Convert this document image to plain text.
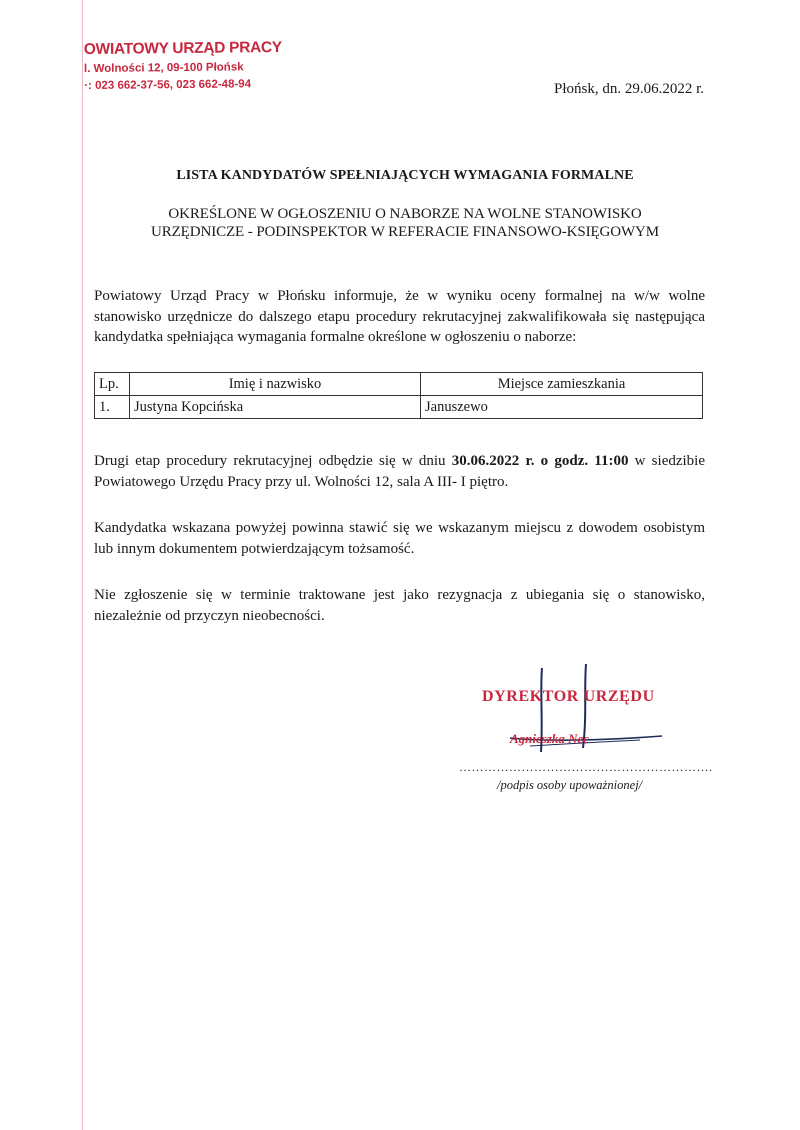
OWIATOWY URZĄD PRACY
l. Wolności 12, 09-100 Płońsk
·: 023 662-37-56, 023 662-48-94	Płońsk, dn. 29.06.2022 r.
LISTA KANDYDATÓW SPEŁNIAJĄCYCH WYMAGANIA FORMALNE
OKREŚLONE W OGŁOSZENIU O NABORZE NA WOLNE STANOWISKO
URZĘDNICZE - PODINSPEKTOR W REFERACIE FINANSOWO-KSIĘGOWYM
Powiatowy Urząd Pracy w Płońsku informuje, że w wyniku oceny formalnej na w/w wolne stanowisko urzędnicze do dalszego etapu procedury rekrutacyjnej zakwalifikowała się następująca kandydatka spełniająca wymagania formalne określone w ogłoszeniu o naborze:
Lp.	Imię i nazwisko	Miejsce zamieszkania
1.	Justyna Kopcińska	Januszewo
Drugi etap procedury rekrutacyjnej odbędzie się w dniu 30.06.2022 r. o godz. 11:00 w siedzibie Powiatowego Urzędu Pracy przy ul. Wolności 12, sala A III- I piętro.
Kandydatka wskazana powyżej powinna stawić się we wskazanym miejscu z dowodem osobistym lub innym dokumentem potwierdzającym tożsamość.
Nie zgłoszenie się w terminie traktowane jest jako rezygnacja z ubiegania się o stanowisko, niezależnie od przyczyn nieobecności.
DYREKTOR URZĘDU
Agnieszka Nec
…………………………………………………….
/podpis osoby upoważnionej/
